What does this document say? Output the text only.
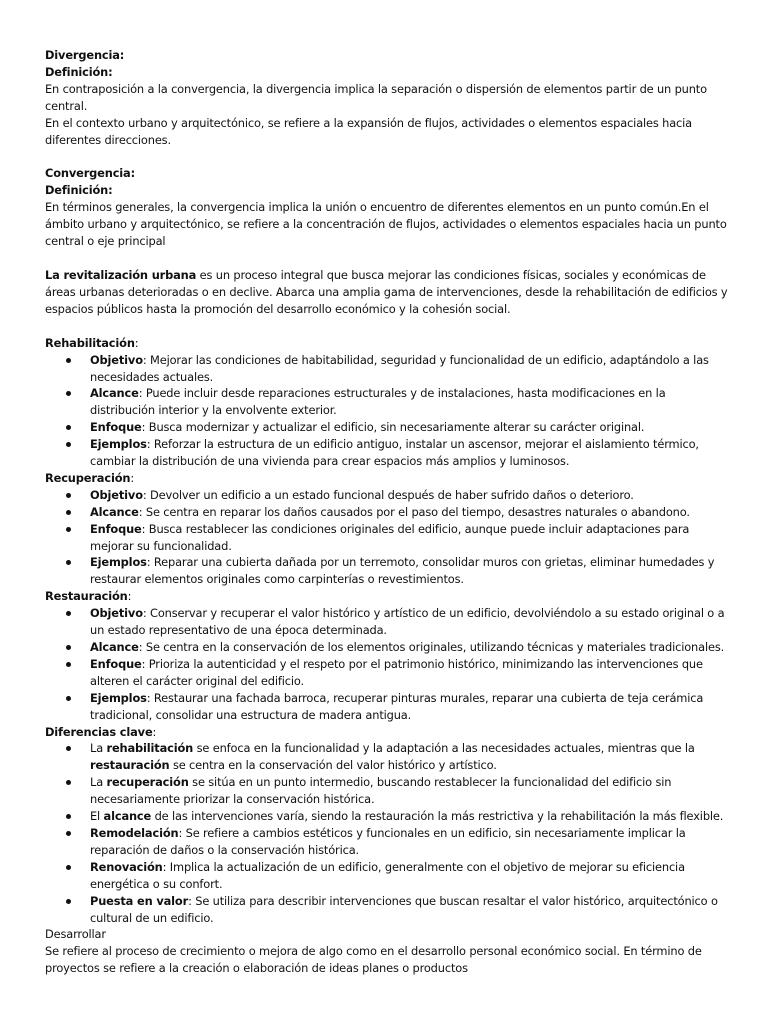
Divergencia:

Definición:

En contraposición a la convergencia, la divergencia implica la separación o dispersión de elementos partir de un punto central.

En el contexto urbano y arquitectónico, se refiere a la expansión de flujos, actividades o elementos espaciales hacia diferentes direcciones.

Convergencia:

Definición:

En términos generales, la convergencia implica la unión o encuentro de diferentes elementos en un punto común.En el ámbito urbano y arquitectónico, se refiere a la concentración de flujos, actividades o elementos espaciales hacia un punto central o eje principal

La revitalización urbana es un proceso integral que busca mejorar las condiciones físicas, sociales y económicas de áreas urbanas deterioradas o en declive. Abarca una amplia gama de intervenciones, desde la rehabilitación de edificios y espacios públicos hasta la promoción del desarrollo económico y la cohesión social.

Rehabilitación:

Objetivo: Mejorar las condiciones de habitabilidad, seguridad y funcionalidad de un edificio, adaptándolo a las necesidades actuales.
Alcance: Puede incluir desde reparaciones estructurales y de instalaciones, hasta modificaciones en la distribución interior y la envolvente exterior.
Enfoque: Busca modernizar y actualizar el edificio, sin necesariamente alterar su carácter original.
Ejemplos: Reforzar la estructura de un edificio antiguo, instalar un ascensor, mejorar el aislamiento térmico, cambiar la distribución de una vivienda para crear espacios más amplios y luminosos.

Recuperación:

Objetivo: Devolver un edificio a un estado funcional después de haber sufrido daños o deterioro.
Alcance: Se centra en reparar los daños causados por el paso del tiempo, desastres naturales o abandono.
Enfoque: Busca restablecer las condiciones originales del edificio, aunque puede incluir adaptaciones para mejorar su funcionalidad.
Ejemplos: Reparar una cubierta dañada por un terremoto, consolidar muros con grietas, eliminar humedades y restaurar elementos originales como carpinterías o revestimientos.

Restauración:

Objetivo: Conservar y recuperar el valor histórico y artístico de un edificio, devolviéndolo a su estado original o a un estado representativo de una época determinada.
Alcance: Se centra en la conservación de los elementos originales, utilizando técnicas y materiales tradicionales.
Enfoque: Prioriza la autenticidad y el respeto por el patrimonio histórico, minimizando las intervenciones que alteren el carácter original del edificio.
Ejemplos: Restaurar una fachada barroca, recuperar pinturas murales, reparar una cubierta de teja cerámica tradicional, consolidar una estructura de madera antigua.

Diferencias clave:

La rehabilitación se enfoca en la funcionalidad y la adaptación a las necesidades actuales, mientras que la restauración se centra en la conservación del valor histórico y artístico.
La recuperación se sitúa en un punto intermedio, buscando restablecer la funcionalidad del edificio sin necesariamente priorizar la conservación histórica.
El alcance de las intervenciones varía, siendo la restauración la más restrictiva y la rehabilitación la más flexible.
Remodelación: Se refiere a cambios estéticos y funcionales en un edificio, sin necesariamente implicar la reparación de daños o la conservación histórica.
Renovación: Implica la actualización de un edificio, generalmente con el objetivo de mejorar su eficiencia energética o su confort.
Puesta en valor: Se utiliza para describir intervenciones que buscan resaltar el valor histórico, arquitectónico o cultural de un edificio.

Desarrollar

Se refiere al proceso de crecimiento o mejora de algo como en el desarrollo personal económico social. En término de proyectos se refiere a la creación o elaboración de ideas planes o productos
